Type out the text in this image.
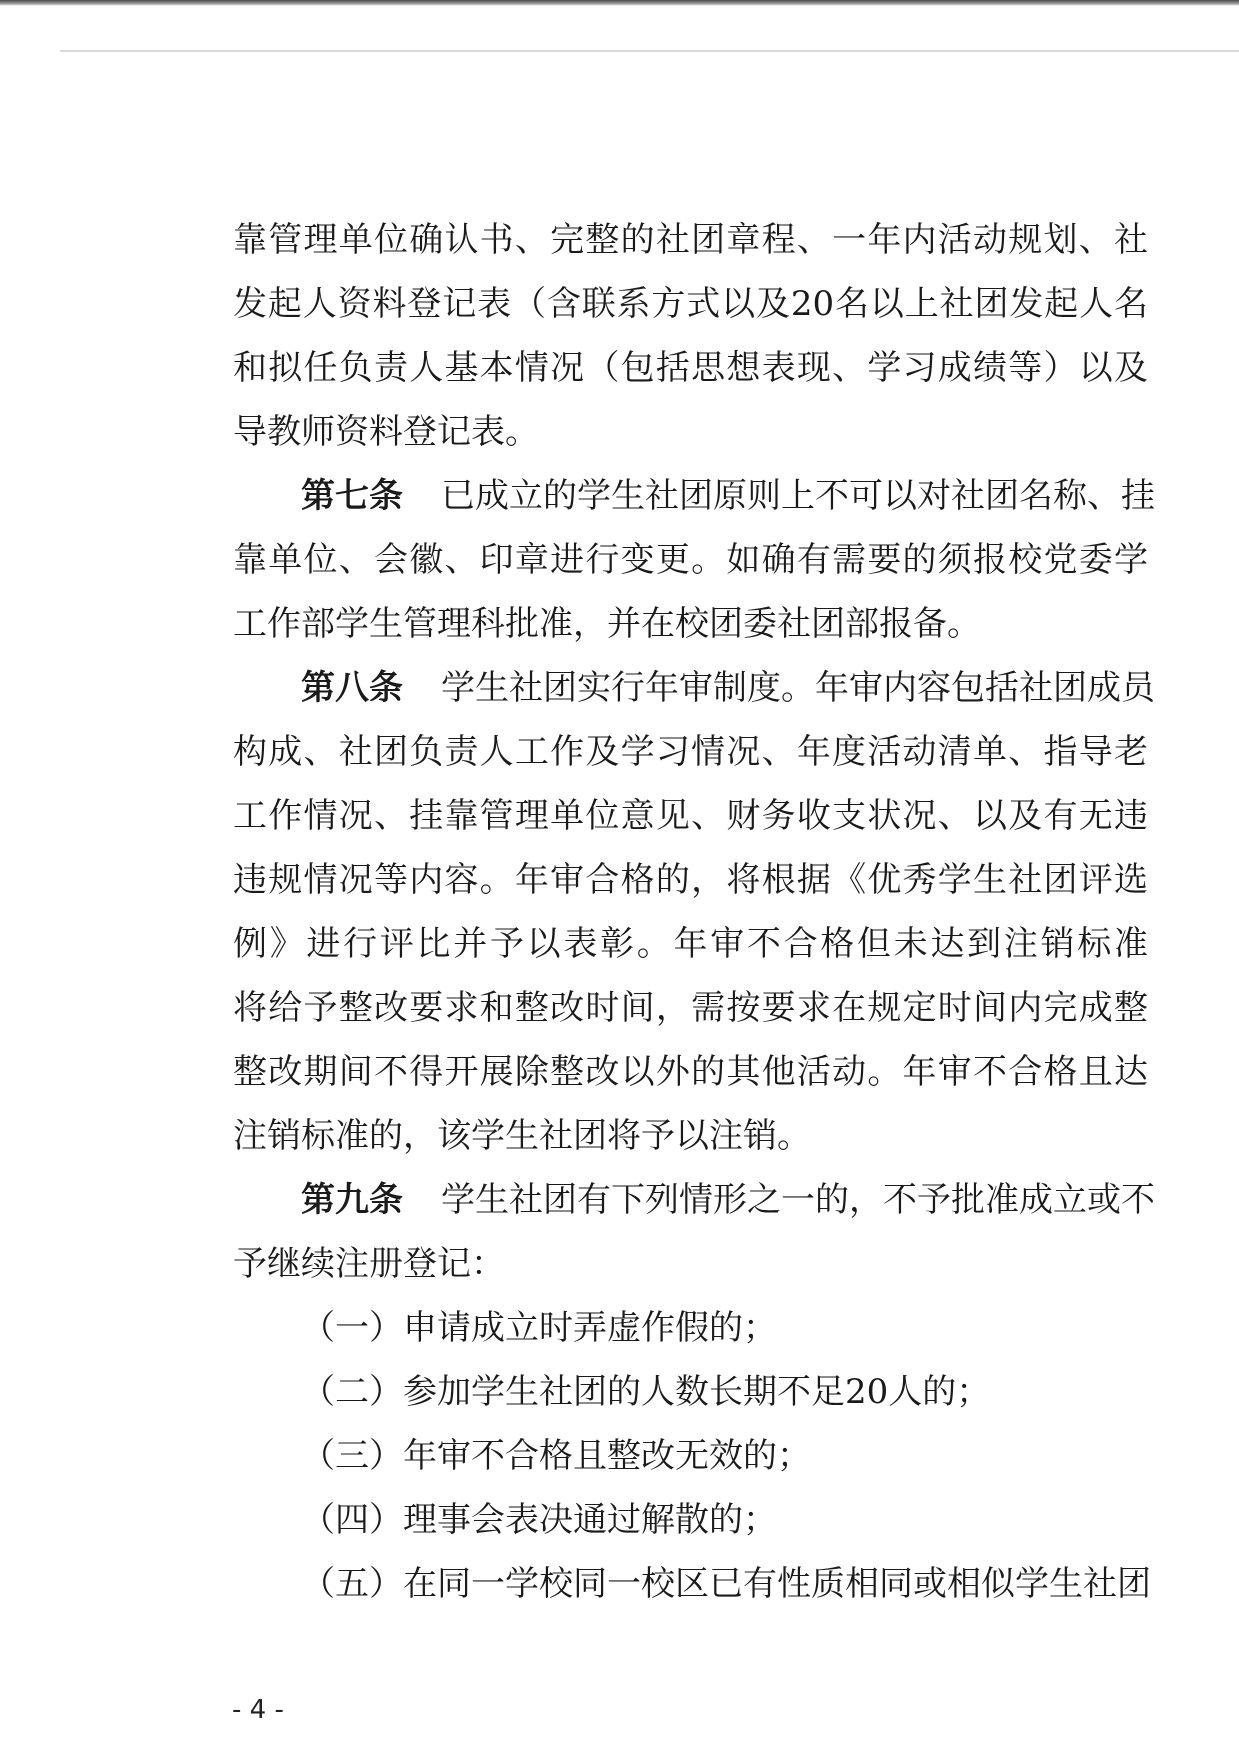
靠管理单位确认书、完整的社团章程、一年内活动规划、社
发起人资料登记表（含联系方式以及20名以上社团发起人名
和拟任负责人基本情况（包括思想表现、学习成绩等）以及
导教师资料登记表。
第七条 已成立的学生社团原则上不可以对社团名称、挂
靠单位、会徽、印章进行变更。如确有需要的须报校党委学
工作部学生管理科批准，并在校团委社团部报备。
第八条 学生社团实行年审制度。年审内容包括社团成员
构成、社团负责人工作及学习情况、年度活动清单、指导老
工作情况、挂靠管理单位意见、财务收支状况、以及有无违
违规情况等内容。年审合格的，将根据《优秀学生社团评选
例》进行评比并予以表彰。年审不合格但未达到注销标准
将给予整改要求和整改时间，需按要求在规定时间内完成整
整改期间不得开展除整改以外的其他活动。年审不合格且达
注销标准的，该学生社团将予以注销。
第九条 学生社团有下列情形之一的，不予批准成立或不
予继续注册登记：
（一）申请成立时弄虚作假的；
（二）参加学生社团的人数长期不足20人的；
（三）年审不合格且整改无效的；
（四）理事会表决通过解散的；
（五）在同一学校同一校区已有性质相同或相似学生社团
- 4 -
